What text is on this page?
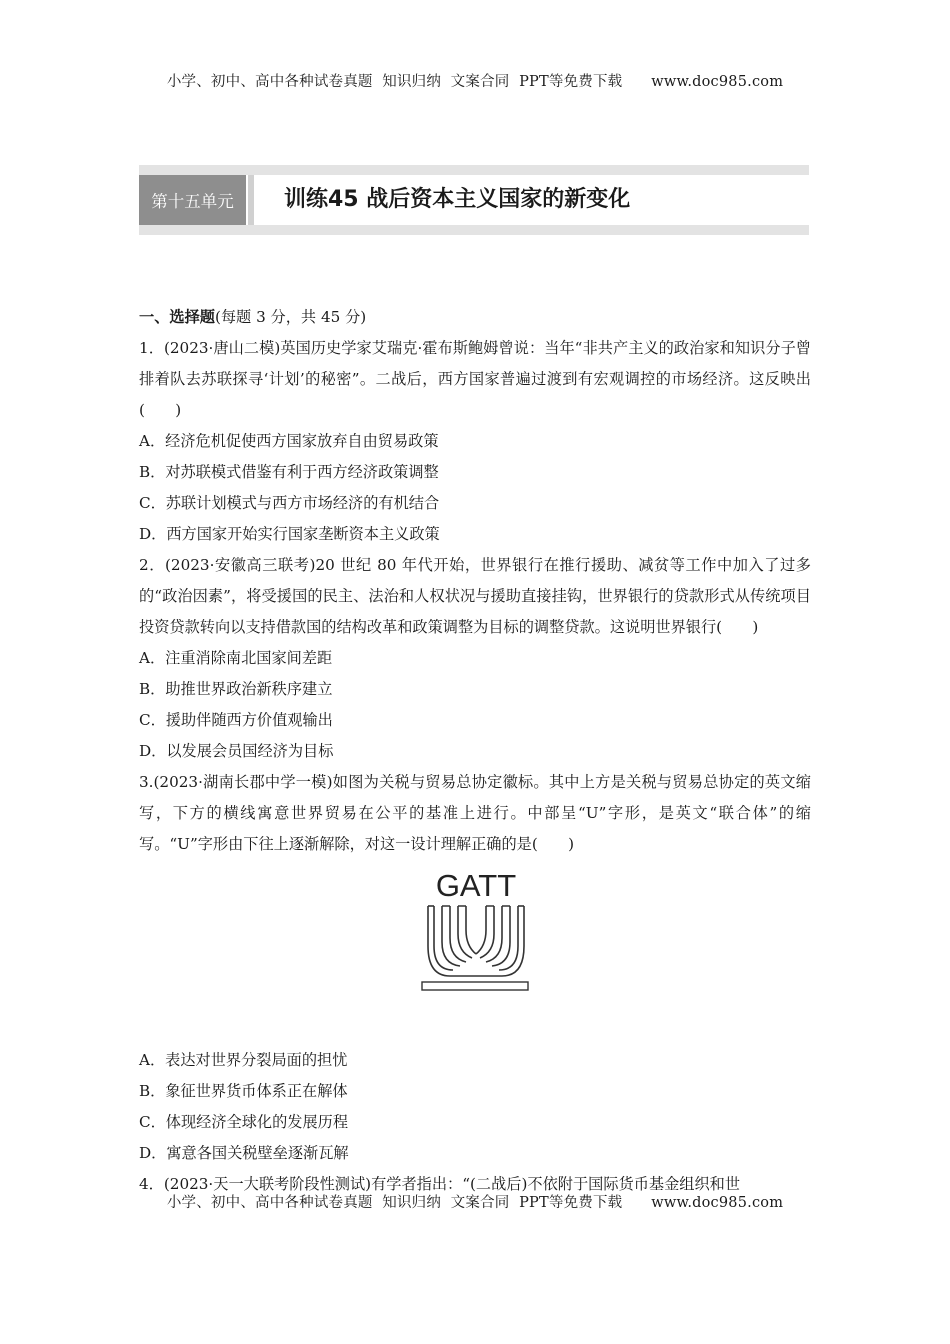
小学、初中、高中各种试卷真题  知识归纳  文案合同  PPT等免费下载      www.doc985.com
第十五单元	训练45 战后资本主义国家的新变化

一、选择题(每题 3 分，共 45 分)

1．(2023·唐山二模)英国历史学家艾瑞克·霍布斯鲍姆曾说：当年“非共产主义的政治家和知识分子曾排着队去苏联探寻‘计划’的秘密”。二战后，西方国家普遍过渡到有宏观调控的市场经济。这反映出(　　)

A．经济危机促使西方国家放弃自由贸易政策

B．对苏联模式借鉴有利于西方经济政策调整

C．苏联计划模式与西方市场经济的有机结合

D．西方国家开始实行国家垄断资本主义政策

2．(2023·安徽高三联考)20 世纪 80 年代开始，世界银行在推行援助、减贫等工作中加入了过多的“政治因素”，将受援国的民主、法治和人权状况与援助直接挂钩，世界银行的贷款形式从传统项目投资贷款转向以支持借款国的结构改革和政策调整为目标的调整贷款。这说明世界银行(　　)

A．注重消除南北国家间差距

B．助推世界政治新秩序建立

C．援助伴随西方价值观输出

D．以发展会员国经济为目标

3.(2023·湖南长郡中学一模)如图为关税与贸易总协定徽标。其中上方是关税与贸易总协定的英文缩写，下方的横线寓意世界贸易在公平的基准上进行。中部呈“U”字形，是英文“联合体”的缩写。“U”字形由下往上逐渐解除，对这一设计理解正确的是(　　)

GATT

A．表达对世界分裂局面的担忧

B．象征世界货币体系正在解体

C．体现经济全球化的发展历程

D．寓意各国关税壁垒逐渐瓦解

4．(2023·天一大联考阶段性测试)有学者指出：“(二战后)不依附于国际货币基金组织和世

小学、初中、高中各种试卷真题  知识归纳  文案合同  PPT等免费下载      www.doc985.com
